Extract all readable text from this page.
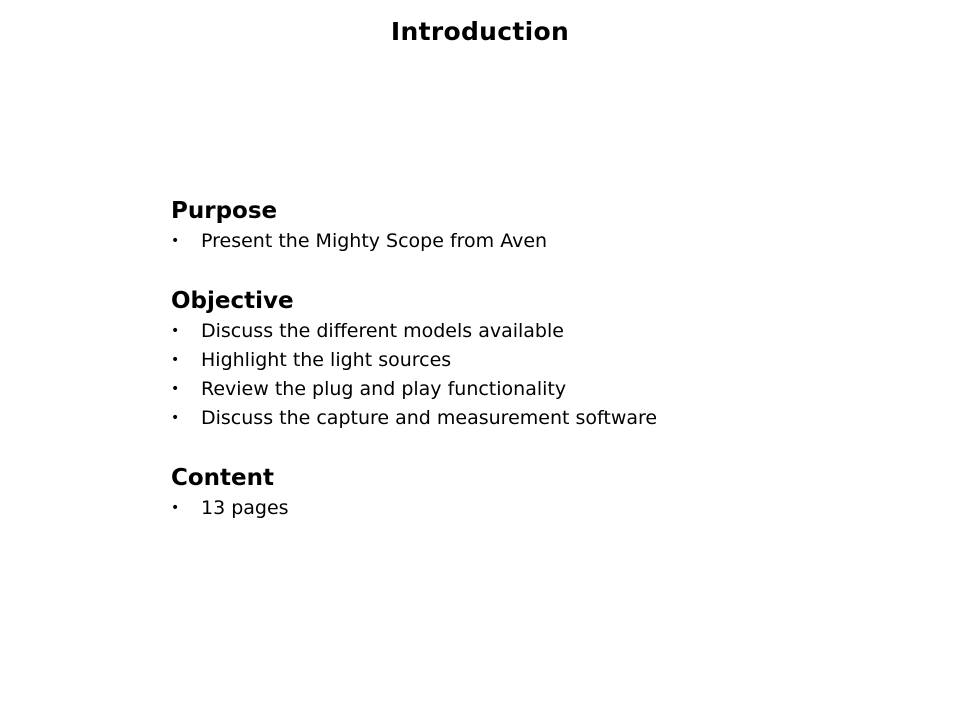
Introduction
Purpose
• Present the Mighty Scope from Aven
Objective
• Discuss the different models available
• Highlight the light sources
• Review the plug and play functionality
• Discuss the capture and measurement software
Content
• 13 pages
